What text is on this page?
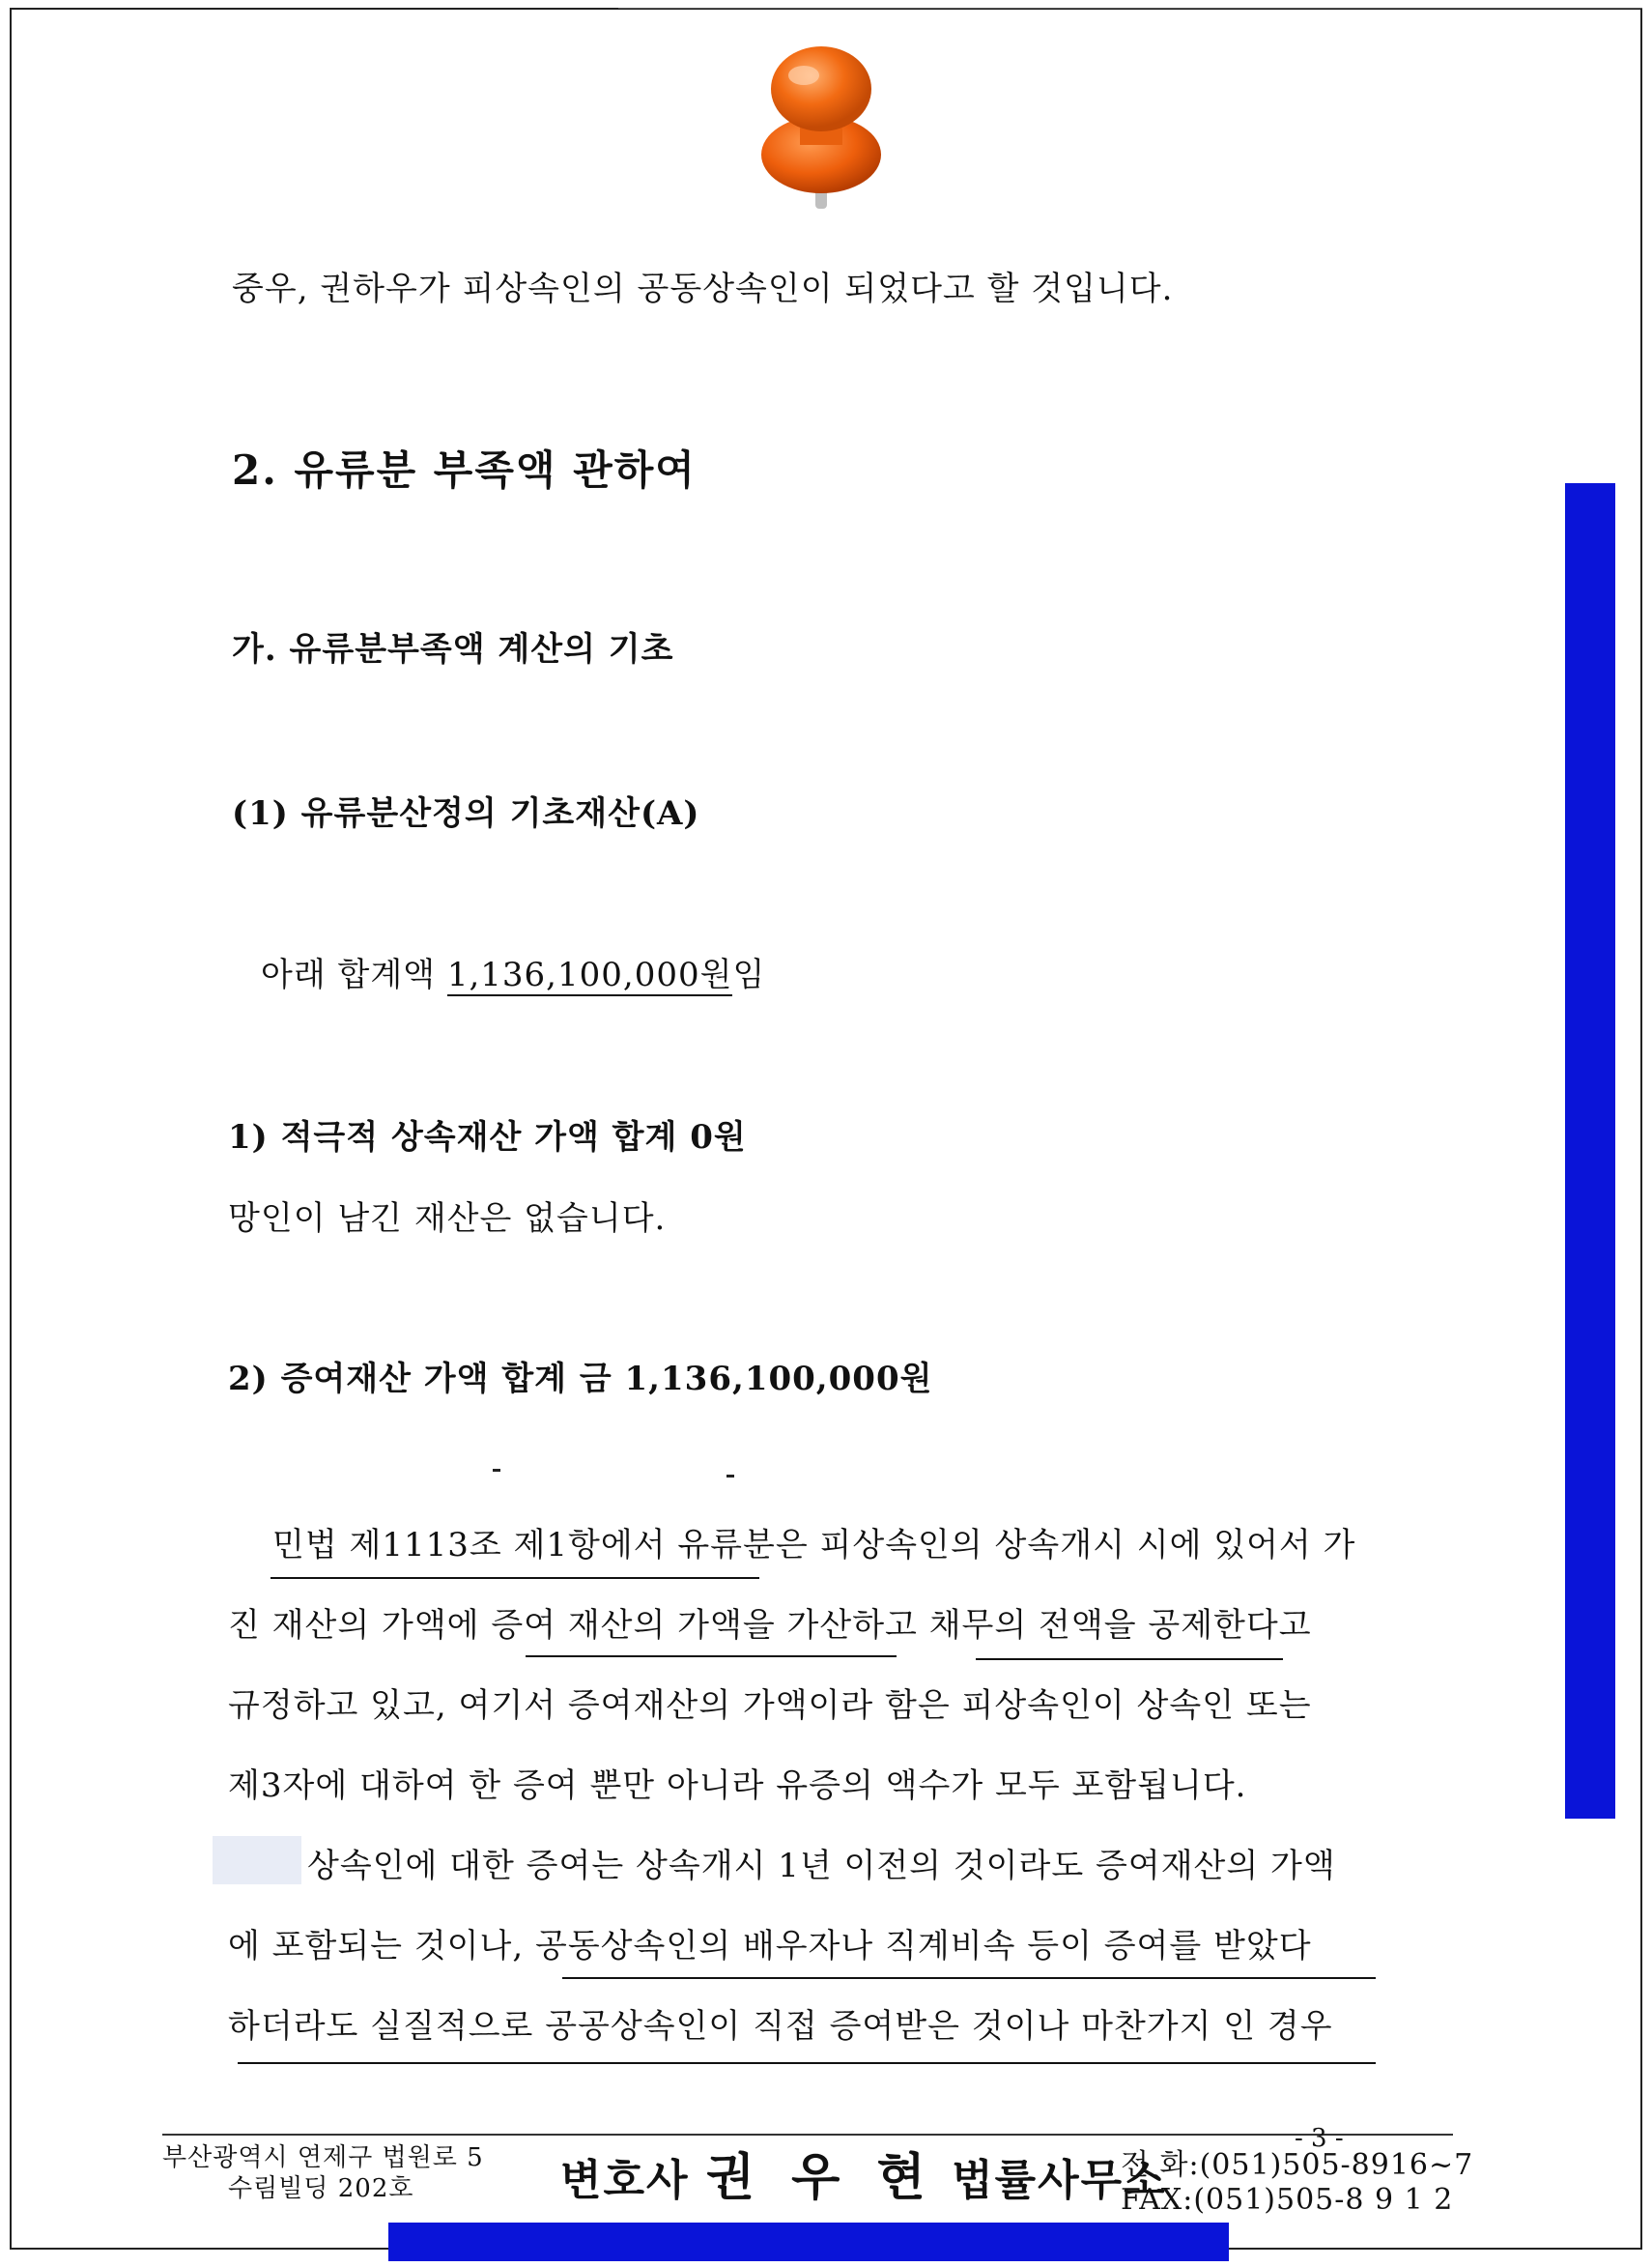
중우, 권하우가 피상속인의 공동상속인이 되었다고 할 것입니다.
2. 유류분 부족액 관하여
가. 유류분부족액 계산의 기초
(1) 유류분산정의 기초재산(A)
아래 합계액 1,136,100,000원임
1) 적극적 상속재산 가액 합계 0원
망인이 남긴 재산은 없습니다.
2) 증여재산 가액 합계 금 1,136,100,000원
민법 제1113조 제1항에서 유류분은 피상속인의 상속개시 시에 있어서 가
진 재산의 가액에 증여 재산의 가액을 가산하고 채무의 전액을 공제한다고
규정하고 있고, 여기서 증여재산의 가액이라 함은 피상속인이 상속인 또는
제3자에 대하여 한 증여 뿐만 아니라 유증의 액수가 모두 포함됩니다.
상속인에 대한 증여는 상속개시 1년 이전의 것이라도 증여재산의 가액
에 포함되는 것이나, 공동상속인의 배우자나 직계비속 등이 증여를 받았다
하더라도 실질적으로 공공상속인이 직접 증여받은 것이나 마찬가지 인 경우
부산광역시 연제구 법원로 5
수림빌딩 202호	변호사 권 우 현 법률사무소
- 3 -
전 화:(051)505-8916~7
FAX:(051)505-8 9 1 2
